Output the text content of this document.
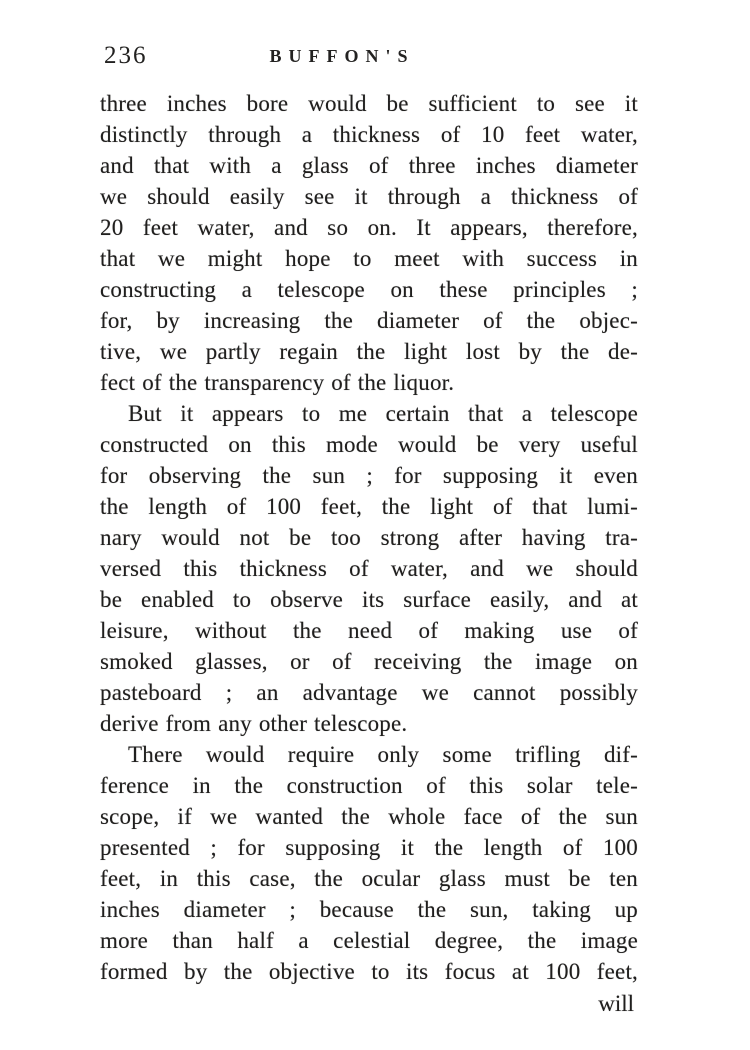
236	BUFFON'S
three inches bore would be sufficient to see it
distinctly through a thickness of 10 feet water,
and that with a glass of three inches diameter
we should easily see it through a thickness of
20 feet water, and so on. It appears, therefore,
that we might hope to meet with success in
constructing a telescope on these principles ;
for, by increasing the diameter of the objec-
tive, we partly regain the light lost by the de-
fect of the transparency of the liquor.
But it appears to me certain that a telescope
constructed on this mode would be very useful
for observing the sun ; for supposing it even
the length of 100 feet, the light of that lumi-
nary would not be too strong after having tra-
versed this thickness of water, and we should
be enabled to observe its surface easily, and at
leisure, without the need of making use of
smoked glasses, or of receiving the image on
pasteboard ; an advantage we cannot possibly
derive from any other telescope.
There would require only some trifling dif-
ference in the construction of this solar tele-
scope, if we wanted the whole face of the sun
presented ; for supposing it the length of 100
feet, in this case, the ocular glass must be ten
inches diameter ; because the sun, taking up
more than half a celestial degree, the image
formed by the objective to its focus at 100 feet,
will
